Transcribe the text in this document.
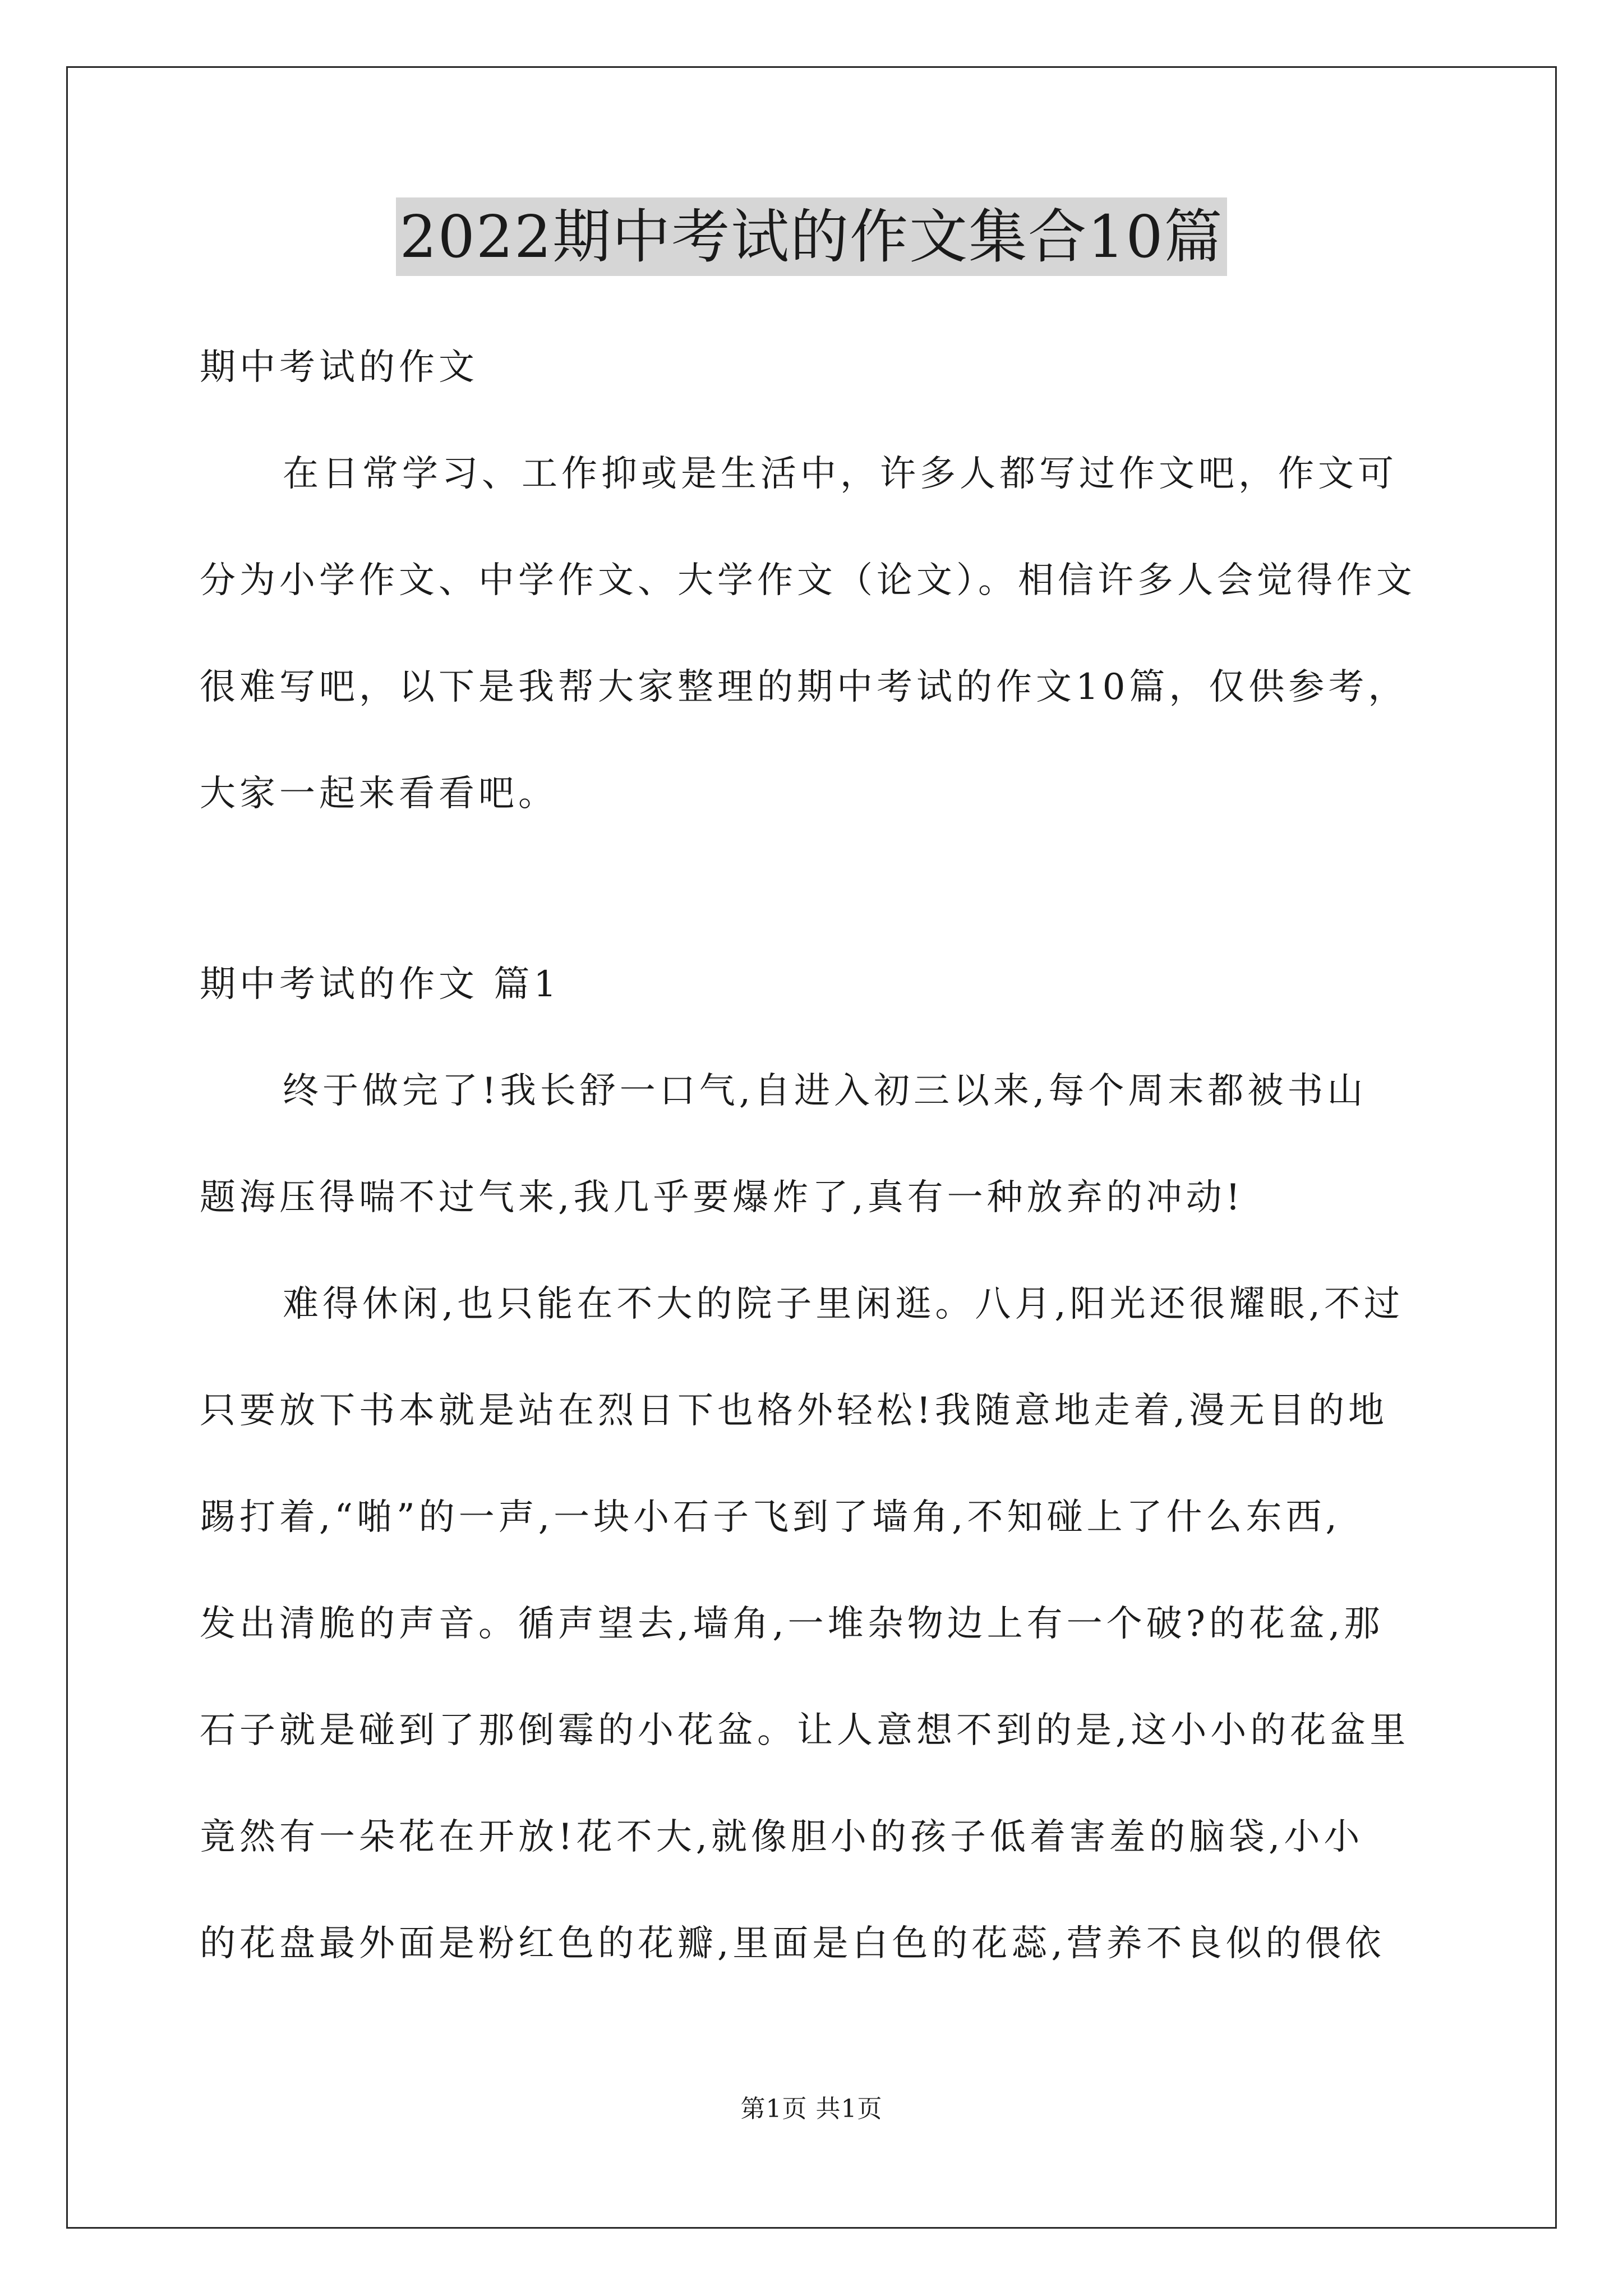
2022期中考试的作文集合10篇
期中考试的作文
在日常学习、工作抑或是生活中，许多人都写过作文吧，作文可
分为小学作文、中学作文、大学作文（论文）。相信许多人会觉得作文
很难写吧，以下是我帮大家整理的期中考试的作文10篇，仅供参考，
大家一起来看看吧。
期中考试的作文 篇1
终于做完了!我长舒一口气,自进入初三以来,每个周末都被书山
题海压得喘不过气来,我几乎要爆炸了,真有一种放弃的冲动!
难得休闲,也只能在不大的院子里闲逛。八月,阳光还很耀眼,不过
只要放下书本就是站在烈日下也格外轻松!我随意地走着,漫无目的地
踢打着,“啪”的一声,一块小石子飞到了墙角,不知碰上了什么东西,
发出清脆的声音。循声望去,墙角,一堆杂物边上有一个破?的花盆,那
石子就是碰到了那倒霉的小花盆。让人意想不到的是,这小小的花盆里
竟然有一朵花在开放!花不大,就像胆小的孩子低着害羞的脑袋,小小
的花盘最外面是粉红色的花瓣,里面是白色的花蕊,营养不良似的偎依
第1页 共1页
